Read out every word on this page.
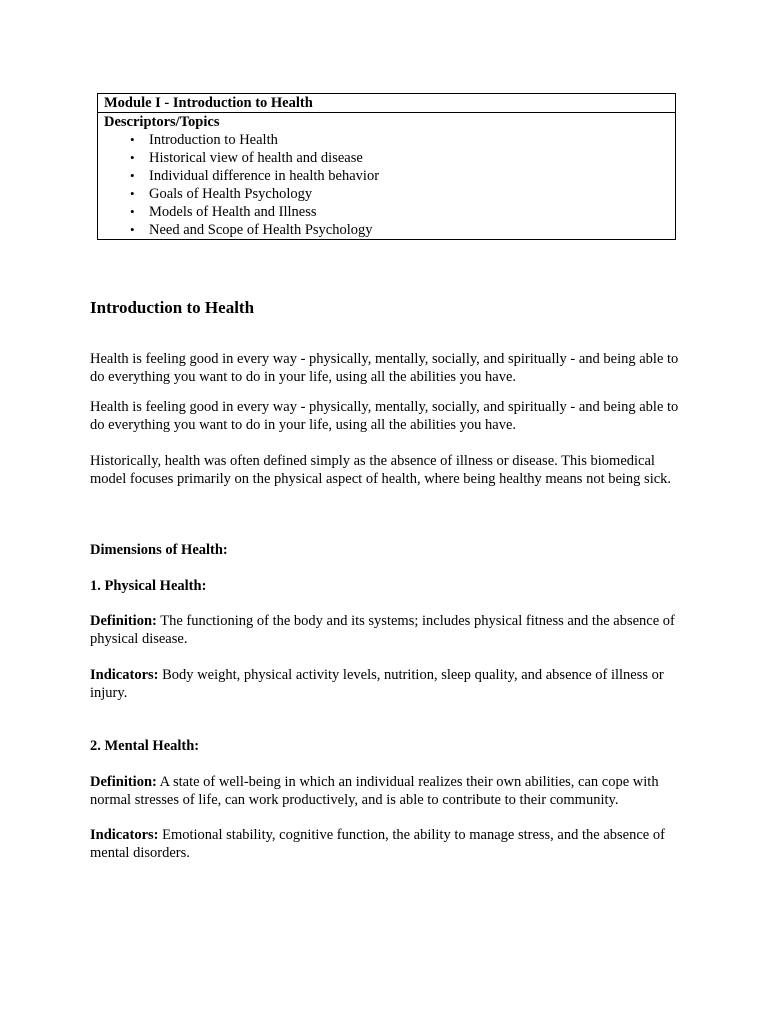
Module I - Introduction to Health
Descriptors/Topics
• Introduction to Health
• Historical view of health and disease
• Individual difference in health behavior
• Goals of Health Psychology
• Models of Health and Illness
• Need and Scope of Health Psychology
Introduction to Health

Health is feeling good in every way - physically, mentally, socially, and spiritually - and being able to do everything you want to do in your life, using all the abilities you have.

Health is feeling good in every way - physically, mentally, socially, and spiritually - and being able to do everything you want to do in your life, using all the abilities you have.

Historically, health was often defined simply as the absence of illness or disease. This biomedical model focuses primarily on the physical aspect of health, where being healthy means not being sick.

Dimensions of Health:

1. Physical Health:

Definition: The functioning of the body and its systems; includes physical fitness and the absence of physical disease.

Indicators: Body weight, physical activity levels, nutrition, sleep quality, and absence of illness or injury.

2. Mental Health:

Definition: A state of well-being in which an individual realizes their own abilities, can cope with normal stresses of life, can work productively, and is able to contribute to their community.

Indicators: Emotional stability, cognitive function, the ability to manage stress, and the absence of mental disorders.
